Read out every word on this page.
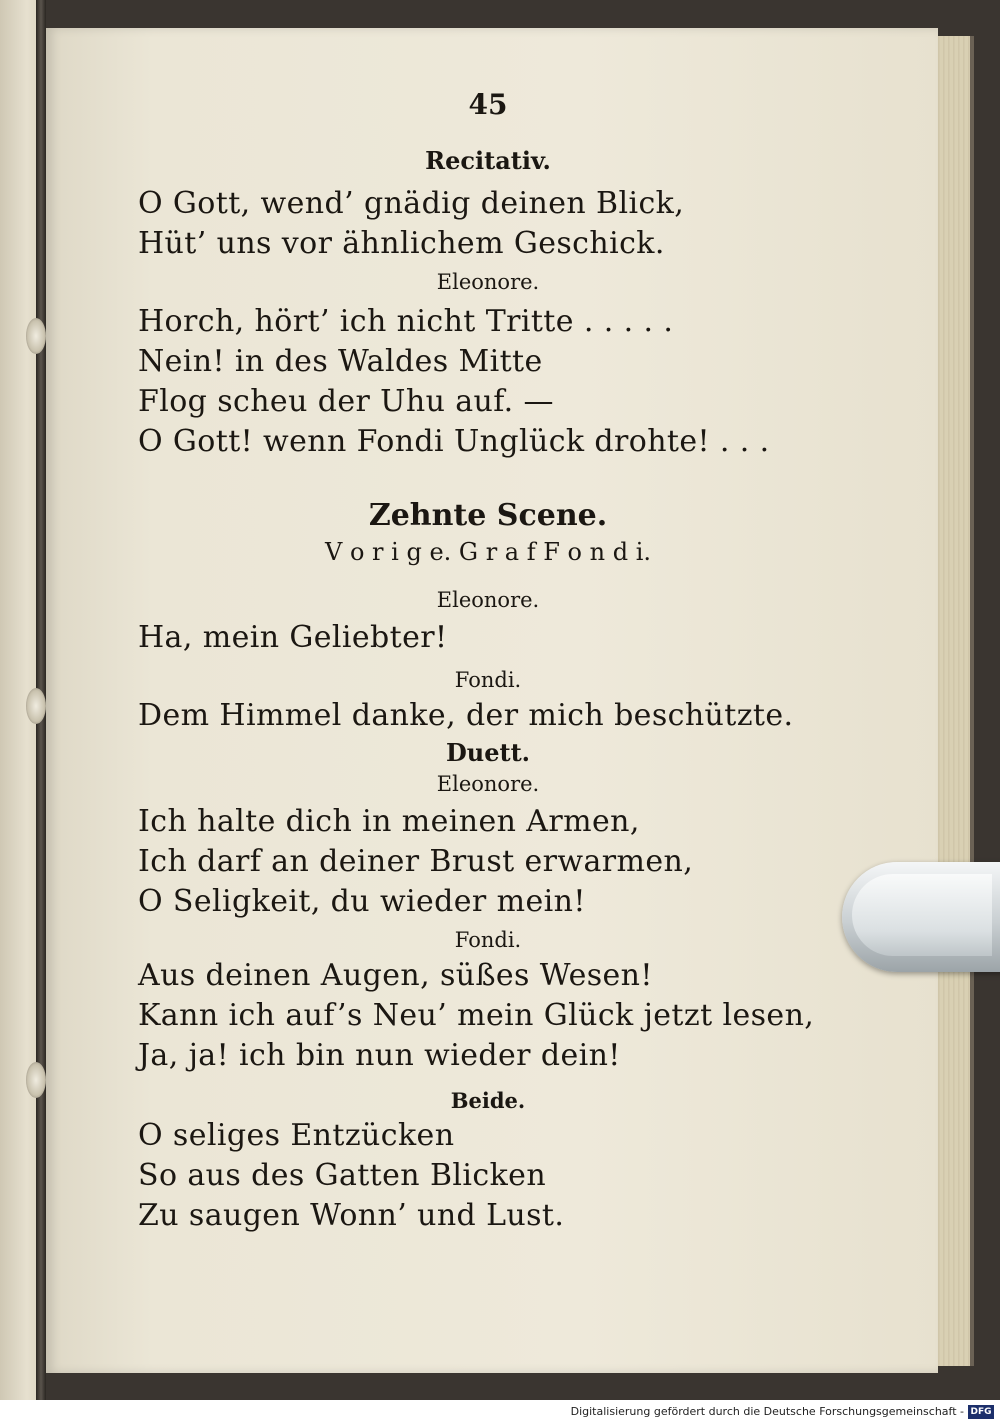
45
Recitativ.
O Gott, wend’ gnädig deinen Blick,
Hüt’ uns vor ähnlichem Geschick.
Eleonore.
Horch, hört’ ich nicht Tritte . . . . .
Nein! in des Waldes Mitte
Flog scheu der Uhu auf. —
O Gott! wenn Fondi Unglück drohte! . . .
Zehnte Scene.
V o r i g e. G r a f F o n d i.
Eleonore.
Ha, mein Geliebter!
Fondi.
Dem Himmel danke, der mich beschützte.
Duett.
Eleonore.
Ich halte dich in meinen Armen,
Ich darf an deiner Brust erwarmen,
O Seligkeit, du wieder mein!
Fondi.
Aus deinen Augen, süßes Wesen!
Kann ich auf’s Neu’ mein Glück jetzt lesen,
Ja, ja! ich bin nun wieder dein!
Beide.
O seliges Entzücken
So aus des Gatten Blicken
Zu saugen Wonn’ und Lust.
Digitalisierung gefördert durch die Deutsche Forschungsgemeinschaft - DFG
